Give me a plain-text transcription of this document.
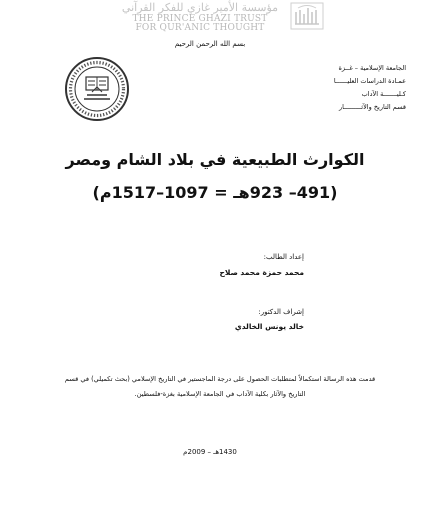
مؤسسة الأمير غازي للفكر القرآني
THE PRINCE GHAZI TRUST
FOR QUR'ANIC THOUGHT
بسم الله الرحمن الرحيم
الجامعة الإسلامية – غــزة
عمـادة الدراسات العليــــــا
كـليـــــــة الآداب
قسم التاريخ والآثـــــــــار
الكوارث الطبيعية في بلاد الشام ومصر
(491– 923هـ = 1097–1517م)
إعداد الطالب:
محمد حمزة محمد صلاح
إشراف الدكتور:
خالد يونس الخالدي
قدمت هذه الرسالة استكمالاً لمتطلبات الحصول على درجة الماجستير في التاريخ الإسلامي (بحث تكميلي) في قسم التاريخ والآثار بكلية الآداب في الجامعة الإسلامية بغزة-فلسطين.
1430هـ – 2009م
